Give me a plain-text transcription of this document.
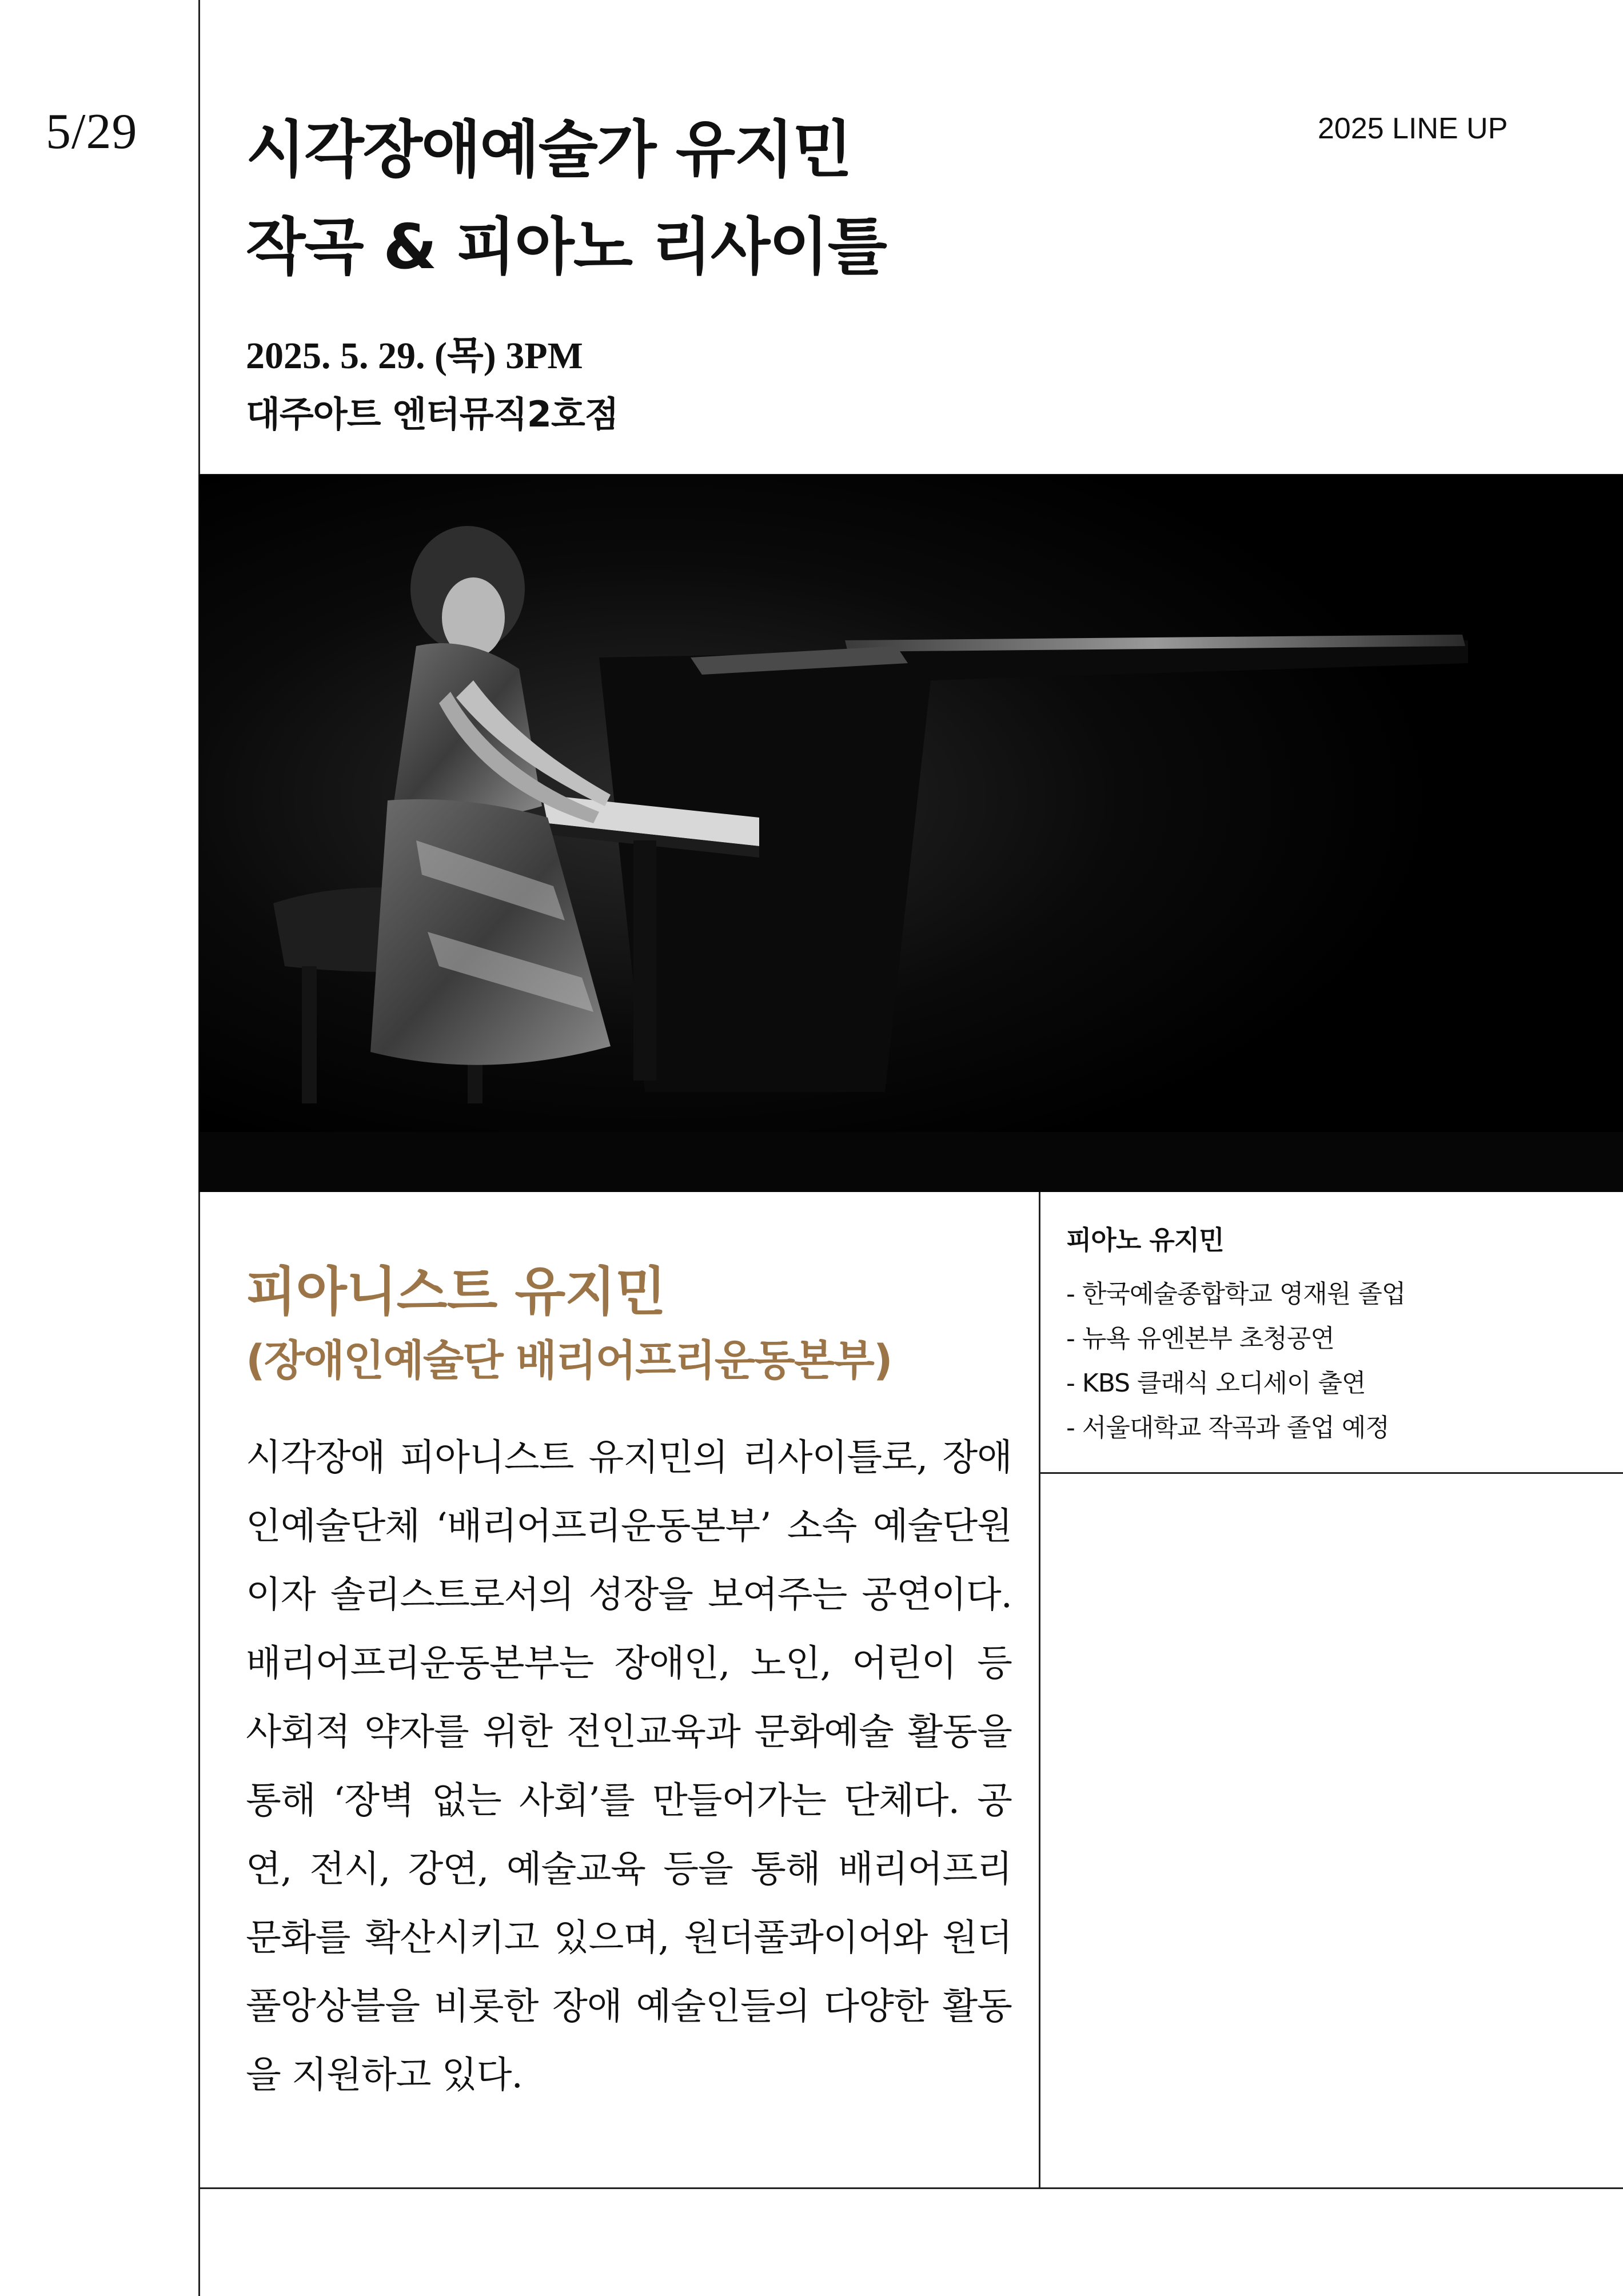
5/29 시각장애예술가 유지민
작곡 & 피아노 리사이틀
2025 LINE UP
2025. 5. 29. (목) 3PM
대주아트 엔터뮤직2호점
피아니스트 유지민
(장애인예술단 배리어프리운동본부)
시각장애 피아니스트 유지민의 리사이틀로, 장애인예술단체 ‘배리어프리운동본부’ 소속 예술단원이자 솔리스트로서의 성장을 보여주는 공연이다. 배리어프리운동본부는 장애인, 노인, 어린이 등 사회적 약자를 위한 전인교육과 문화예술 활동을 통해 ‘장벽 없는 사회’를 만들어가는 단체다. 공연, 전시, 강연, 예술교육 등을 통해 배리어프리 문화를 확산시키고 있으며, 원더풀콰이어와 원더풀앙상블을 비롯한 장애 예술인들의 다양한 활동을 지원하고 있다.
피아노 유지민
- 한국예술종합학교 영재원 졸업
- 뉴욕 유엔본부 초청공연
- KBS 클래식 오디세이 출연
- 서울대학교 작곡과 졸업 예정
